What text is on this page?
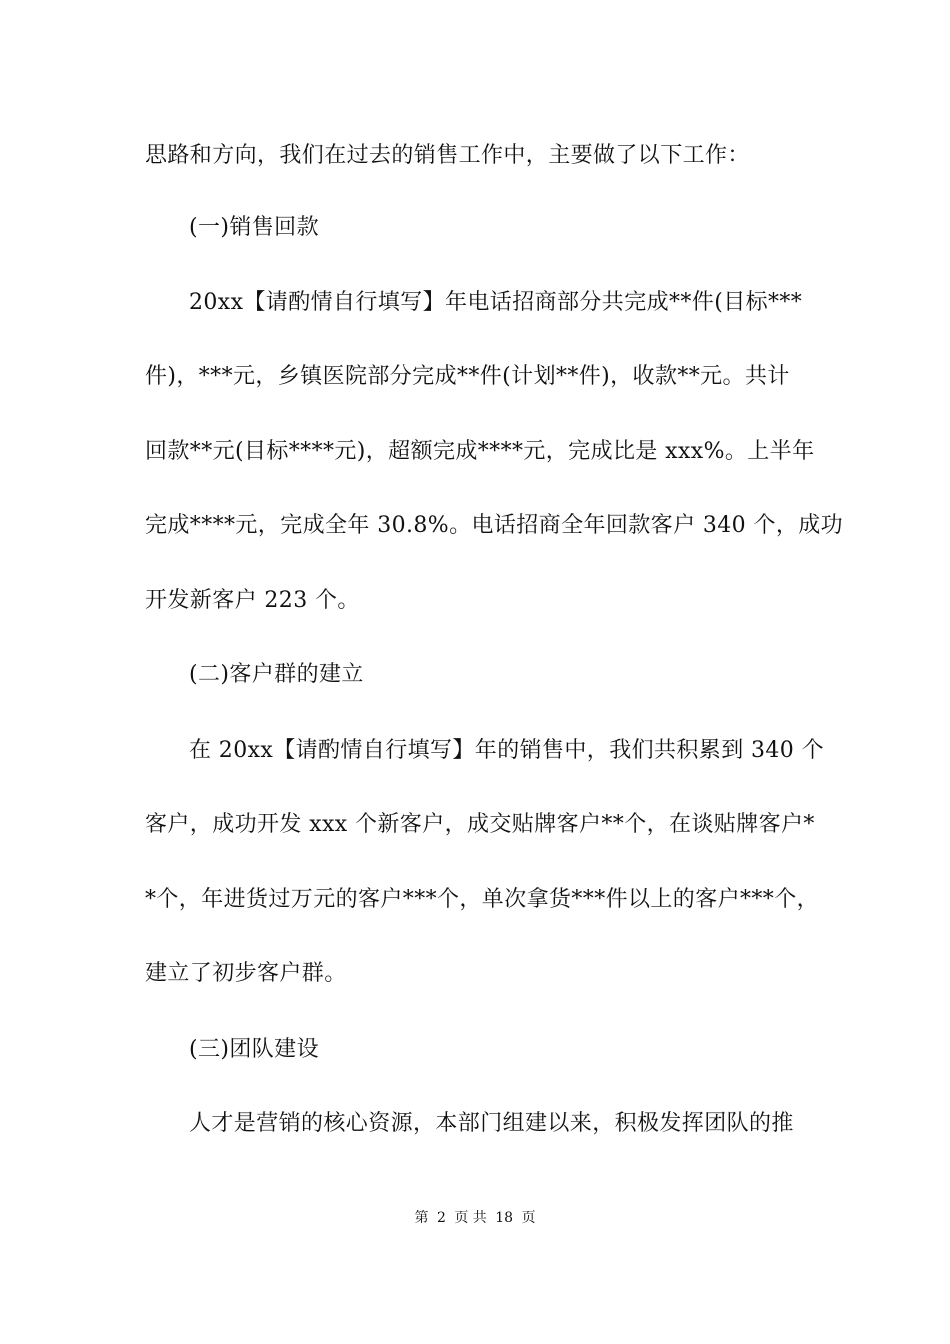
思路和方向，我们在过去的销售工作中，主要做了以下工作：
(一)销售回款
20xx【请酌情自行填写】年电话招商部分共完成**件(目标***
件)，***元，乡镇医院部分完成**件(计划**件)，收款**元。共计
回款**元(目标****元)，超额完成****元，完成比是 xxx%。上半年
完成****元，完成全年 30.8%。电话招商全年回款客户 340 个，成功
开发新客户 223 个。
(二)客户群的建立
在 20xx【请酌情自行填写】年的销售中，我们共积累到 340 个
客户，成功开发 xxx 个新客户，成交贴牌客户**个，在谈贴牌客户*
*个，年进货过万元的客户***个，单次拿货***件以上的客户***个，
建立了初步客户群。
(三)团队建设
人才是营销的核心资源，本部门组建以来，积极发挥团队的推
第 2 页 共 18 页
